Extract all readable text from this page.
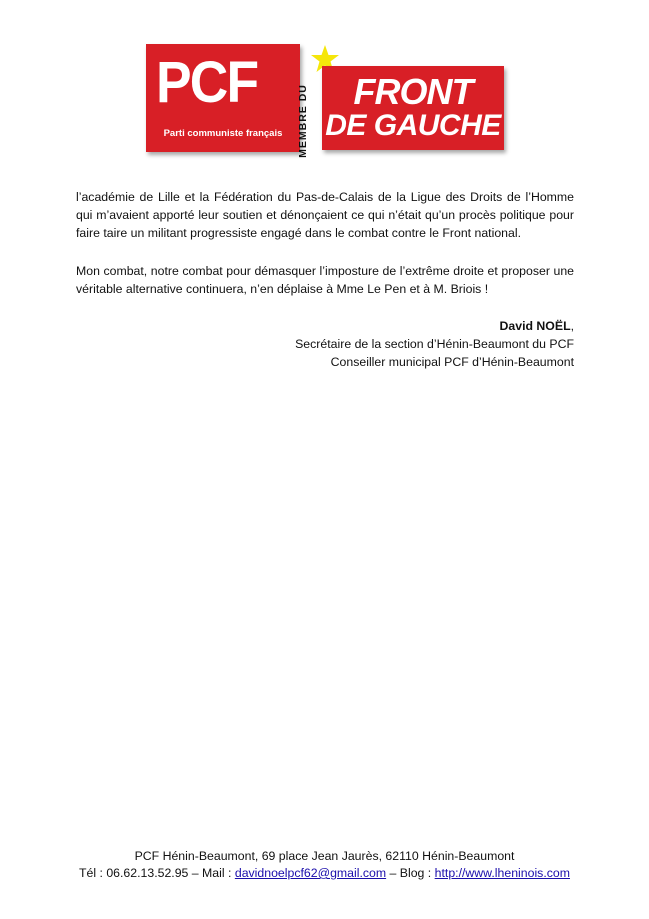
PCF
Parti communiste français	MEMBRE DU	FRONT
DE GAUCHE

l’académie de Lille et la Fédération du Pas-de-Calais de la Ligue des Droits de l’Homme qui m’avaient apporté leur soutien et dénonçaient ce qui n’était qu’un procès politique pour faire taire un militant progressiste engagé dans le combat contre le Front national.

Mon combat, notre combat pour démasquer l’imposture de l’extrême droite et proposer une véritable alternative continuera, n’en déplaise à Mme Le Pen et à M. Briois !

David NOËL,
Secrétaire de la section d’Hénin-Beaumont du PCF
Conseiller municipal PCF d’Hénin-Beaumont
PCF Hénin-Beaumont, 69 place Jean Jaurès, 62110 Hénin-Beaumont
Tél : 06.62.13.52.95 – Mail : davidnoelpcf62@gmail.com – Blog : http://www.lheninois.com
